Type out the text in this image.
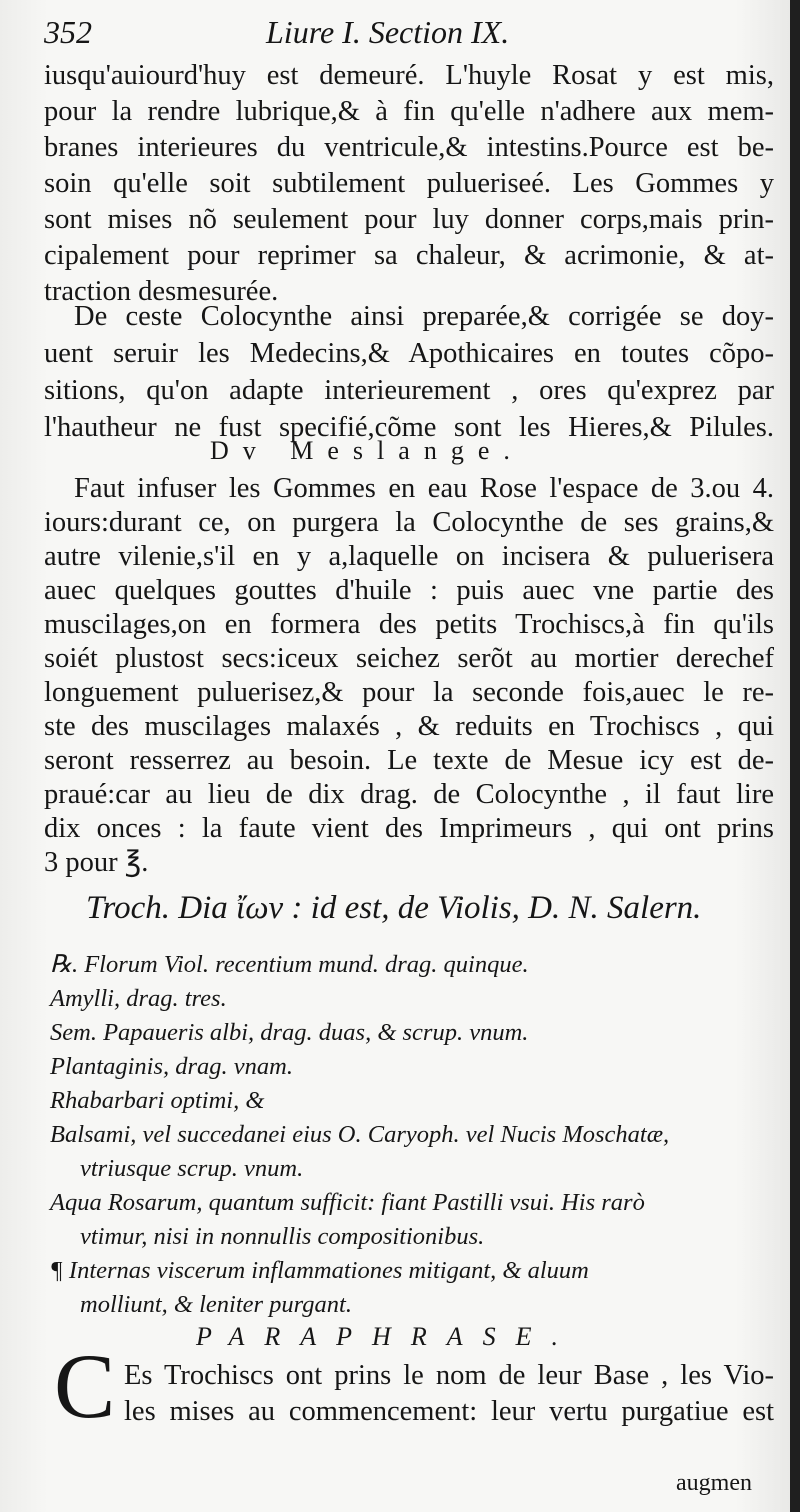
352	Liure I. Section IX.
iusqu'auiourd'huy est demeuré. L'huyle Rosat y est mis,
pour la rendre lubrique,& à fin qu'elle n'adhere aux mem-
branes interieures du ventricule,& intestins.Pource est be-
soin qu'elle soit subtilement pulueriseé. Les Gommes y
sont mises nõ seulement pour luy donner corps,mais prin-
cipalement pour reprimer sa chaleur, & acrimonie, & at-
traction desmesurée.
De ceste Colocynthe ainsi preparée,& corrigée se doy-
uent seruir les Medecins,& Apothicaires en toutes cõpo-
sitions, qu'on adapte interieurement , ores qu'exprez par
l'hautheur ne fust specifié,cõme sont les Hieres,& Pilules.
Dv Meslange.
Faut infuser les Gommes en eau Rose l'espace de 3.ou 4.
iours:durant ce, on purgera la Colocynthe de ses grains,&
autre vilenie,s'il en y a,laquelle on incisera & puluerisera
auec quelques gouttes d'huile : puis auec vne partie des
muscilages,on en formera des petits Trochiscs,à fin qu'ils
soiét plustost secs:iceux seichez serõt au mortier derechef
longuement puluerisez,& pour la seconde fois,auec le re-
ste des muscilages malaxés , & reduits en Trochiscs , qui
seront resserrez au besoin. Le texte de Mesue icy est de-
praué:car au lieu de dix drag. de Colocynthe , il faut lire
dix onces : la faute vient des Imprimeurs , qui ont prins
3 pour ℥.
Troch. Dia ἴων : id est, de Violis, D. N. Salern.
℞. Florum Viol. recentium mund. drag. quinque.
Amylli, drag. tres.
Sem. Papaueris albi, drag. duas, & scrup. vnum.
Plantaginis, drag. vnam.
Rhabarbari optimi, &
Balsami, vel succedanei eius O. Caryoph. vel Nucis Moschatæ,
vtriusque scrup. vnum.
Aqua Rosarum, quantum sufficit: fiant Pastilli vsui. His rarò
vtimur, nisi in nonnullis compositionibus.
¶ Internas viscerum inflammationes mitigant, & aluum
molliunt, & leniter purgant.
PARAPHRASE.
C Es Trochiscs ont prins le nom de leur Base , les Vio-
les mises au commencement: leur vertu purgatiue est
augmen
